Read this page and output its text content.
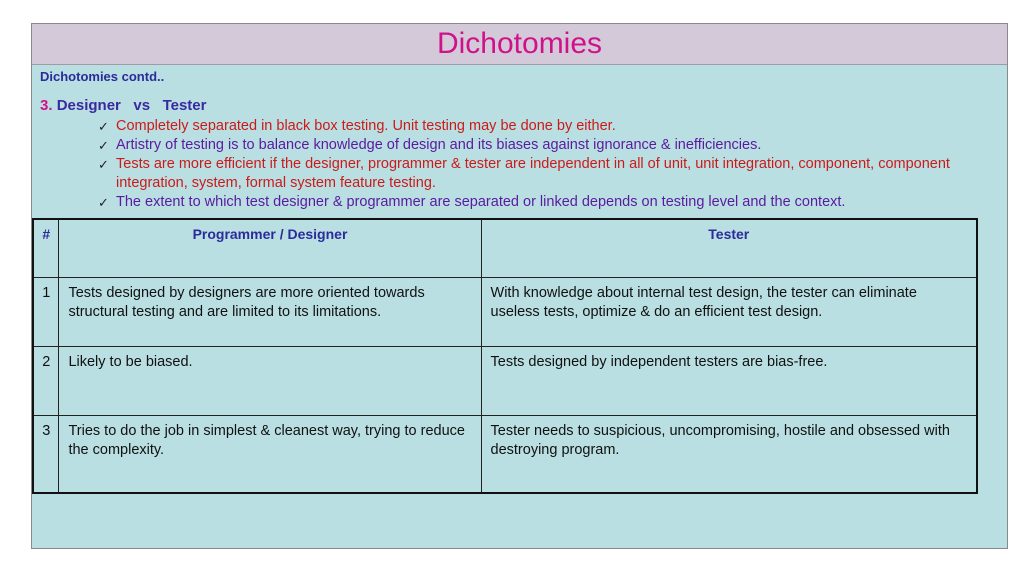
Dichotomies
Dichotomies contd..
3. Designer   vs   Tester
✓ Completely separated in black box testing. Unit testing may be done by either.
✓ Artistry of testing is to balance knowledge of design and its biases against ignorance & inefficiencies.
✓ Tests are more efficient if the designer, programmer & tester are independent in all of unit, unit integration, component, component integration, system, formal system feature testing.
✓ The extent to which test designer & programmer are separated or linked depends on testing level and the context.
#	Programmer / Designer	Tester
1	Tests designed by designers are more oriented towards structural testing and are limited to its limitations.	With knowledge about internal test design, the tester can eliminate useless tests, optimize & do an efficient test design.
2	Likely to be biased.	Tests designed by independent testers are bias-free.
3	Tries to do the job in simplest & cleanest way, trying to reduce the complexity.	Tester needs to suspicious, uncompromising, hostile and obsessed with destroying program.
